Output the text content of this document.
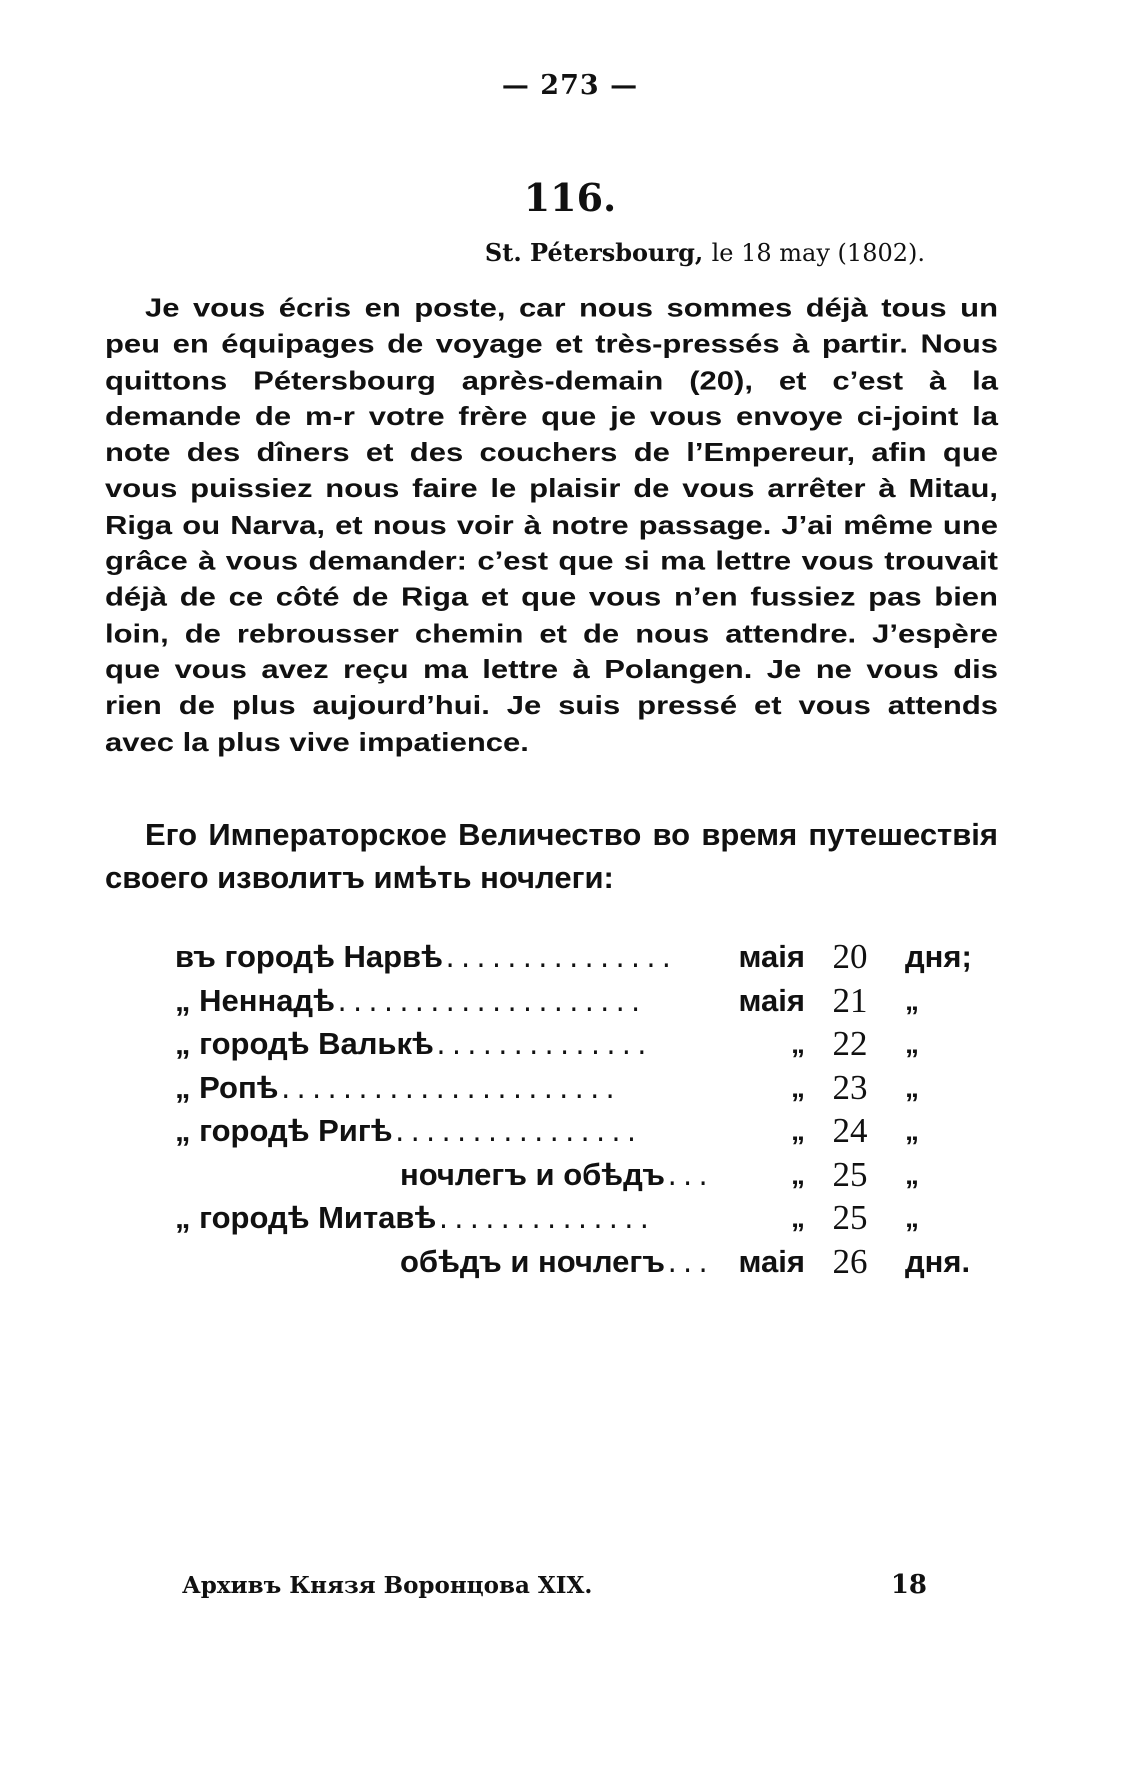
— 273 —
116.
St. Pétersbourg, le 18 may (1802).

Je vous écris en poste, car nous sommes déjà tous un peu en équipages de voyage et très-pressés à partir. Nous quittons Pétersbourg après-demain (20), et c’est à la demande de m-r votre frère que je vous envoye ci-joint la note des dîners et des couchers de l’Empereur, afin que vous puissiez nous faire le plaisir de vous arrêter à Mitau, Riga ou Narva, et nous voir à notre passage. J’ai même une grâce à vous demander: c’est que si ma lettre vous trouvait déjà de ce côté de Riga et que vous n’en fussiez pas bien loin, de rebrousser chemin et de nous attendre. J’espère que vous avez reçu ma lettre à Polangen. Je ne vous dis rien de plus aujourd’hui. Je suis pressé et vous attends avec la plus vive impatience.

Его Императорское Величество во время путешествія своего изволитъ имѣть ночлеги:

въ городѣ Нарвѣ............... маія 20	дня;
„ Неннадѣ....................	маія 21	„
„ городѣ Валькѣ..............	„ 22	„
„ Ропѣ......................	„ 23	„
„ городѣ Ригѣ................	„ 24	„
ночлегъ и обѣдъ...	„ 25	„
„ городѣ Митавѣ..............	„ 25	„
обѣдъ и ночлегъ... маія 26	дня.
Архивъ Князя Воронцова XIX.	18
